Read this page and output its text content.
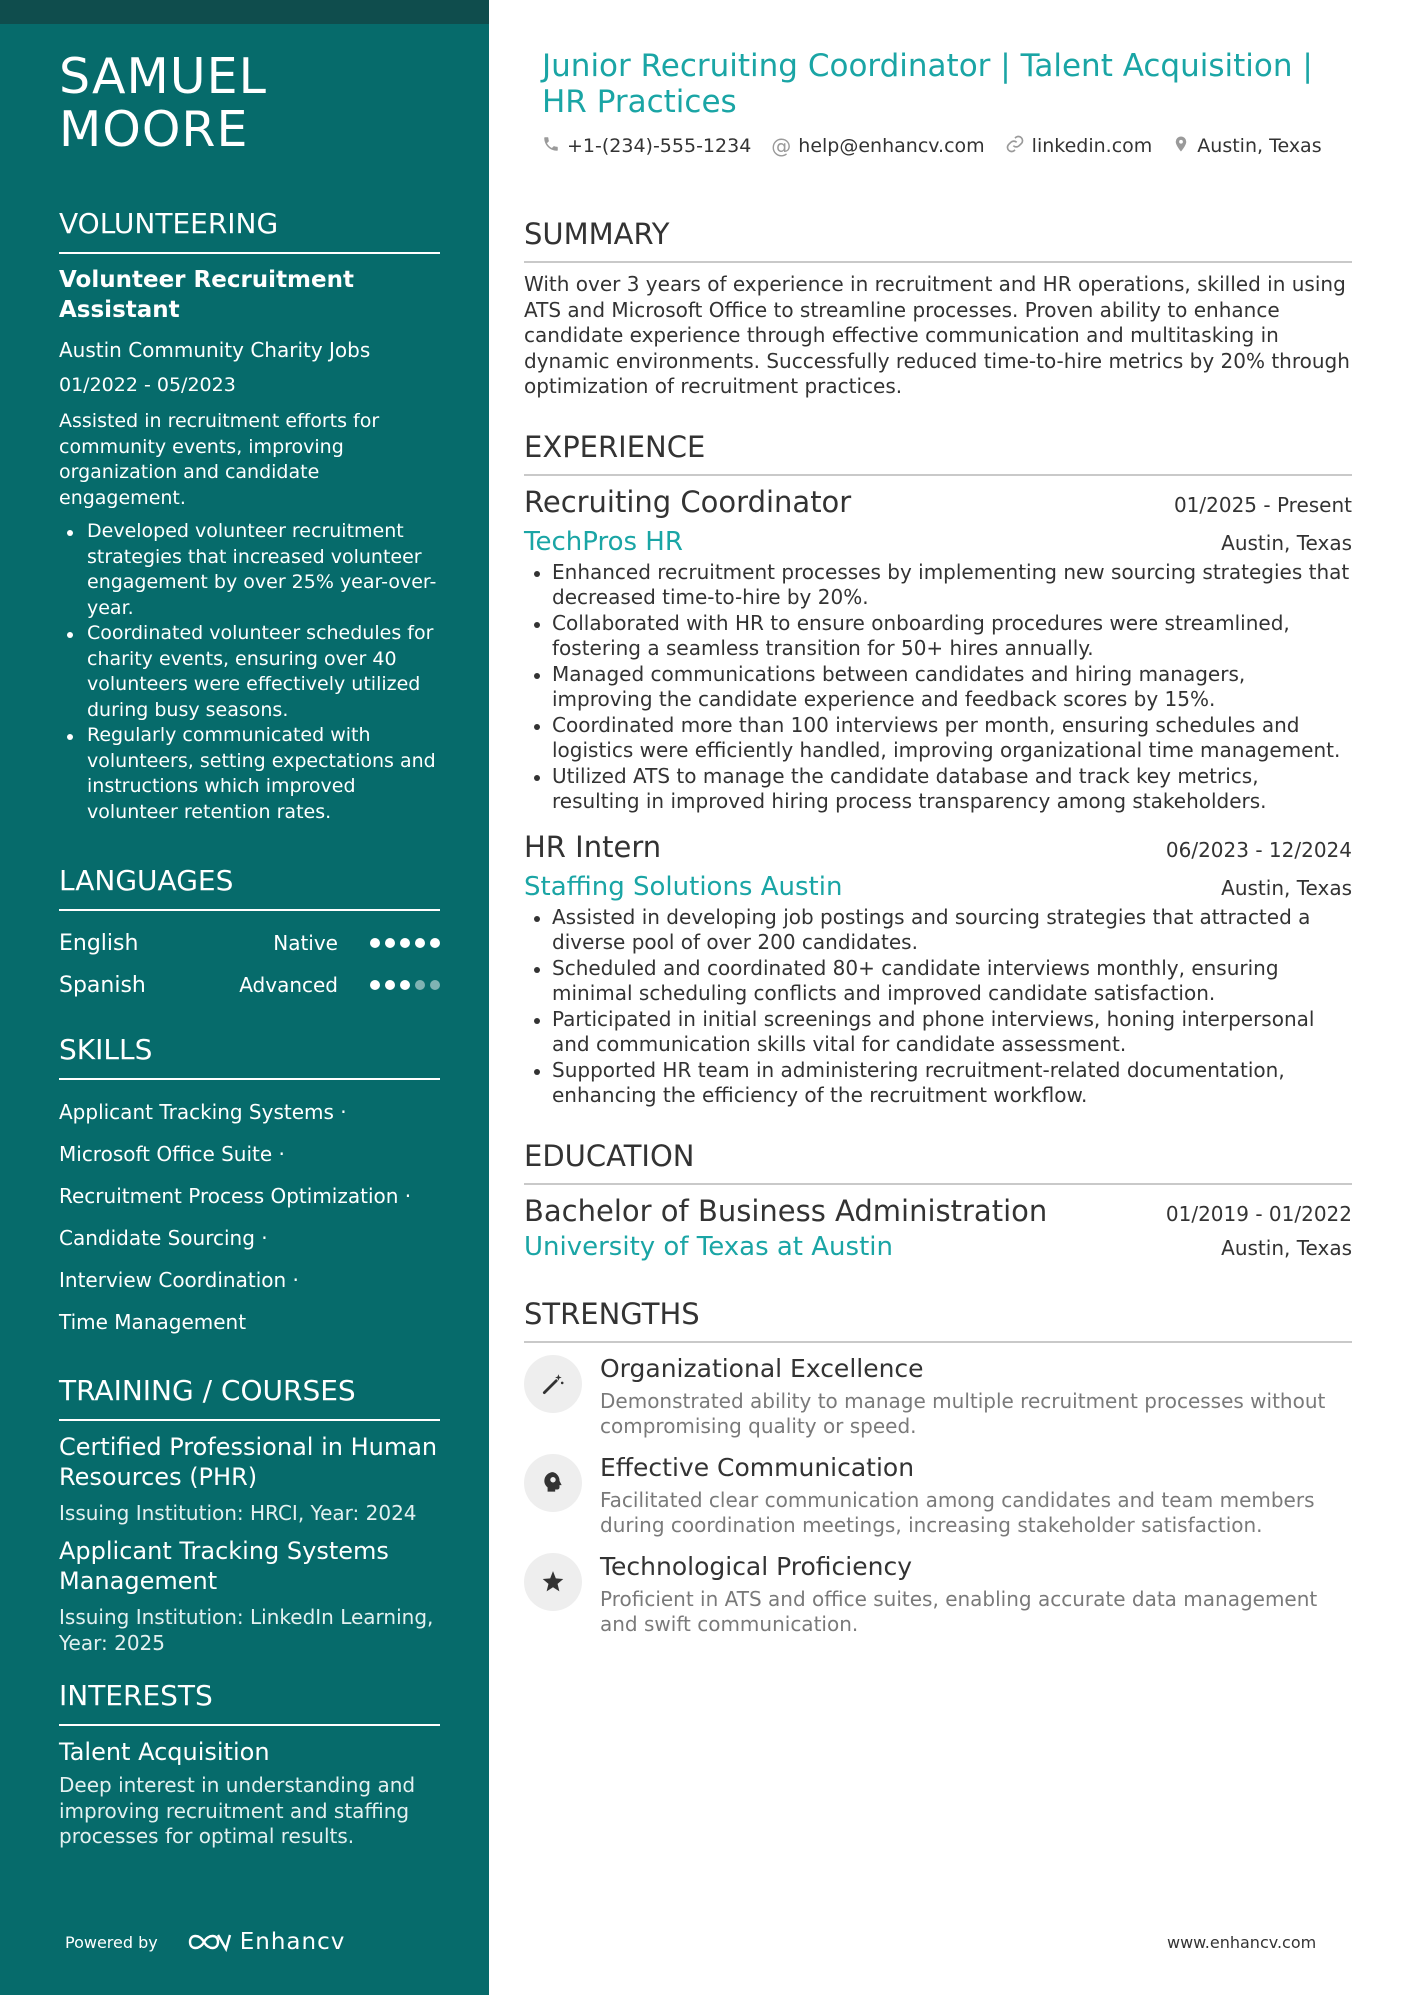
SAMUEL
MOORE
VOLUNTEERING
Volunteer Recruitment Assistant
Austin Community Charity Jobs
01/2022 - 05/2023
Assisted in recruitment efforts for community events, improving organization and candidate engagement.
Developed volunteer recruitment strategies that increased volunteer engagement by over 25% year-over-year.
Coordinated volunteer schedules for charity events, ensuring over 40 volunteers were effectively utilized during busy seasons.
Regularly communicated with volunteers, setting expectations and instructions which improved volunteer retention rates.
LANGUAGES
English	Native
Spanish	Advanced
SKILLS
Applicant Tracking Systems ·
Microsoft Office Suite ·
Recruitment Process Optimization ·
Candidate Sourcing ·
Interview Coordination ·
Time Management
TRAINING / COURSES
Certified Professional in Human Resources (PHR)
Issuing Institution: HRCI, Year: 2024
Applicant Tracking Systems Management
Issuing Institution: LinkedIn Learning, Year: 2025
INTERESTS
Talent Acquisition
Deep interest in understanding and improving recruitment and staffing processes for optimal results.
Powered by	Enhancv
Junior Recruiting Coordinator | Talent Acquisition | HR Practices
+1-(234)-555-1234 @ help@enhancv.com linkedin.com Austin, Texas
SUMMARY
With over 3 years of experience in recruitment and HR operations, skilled in using ATS and Microsoft Office to streamline processes. Proven ability to enhance candidate experience through effective communication and multitasking in dynamic environments. Successfully reduced time-to-hire metrics by 20% through optimization of recruitment practices.
EXPERIENCE
Recruiting Coordinator	01/2025 - Present
TechPros HR	Austin, Texas
Enhanced recruitment processes by implementing new sourcing strategies that decreased time-to-hire by 20%.
Collaborated with HR to ensure onboarding procedures were streamlined, fostering a seamless transition for 50+ hires annually.
Managed communications between candidates and hiring managers, improving the candidate experience and feedback scores by 15%.
Coordinated more than 100 interviews per month, ensuring schedules and logistics were efficiently handled, improving organizational time management.
Utilized ATS to manage the candidate database and track key metrics, resulting in improved hiring process transparency among stakeholders.
HR Intern	06/2023 - 12/2024
Staffing Solutions Austin	Austin, Texas
Assisted in developing job postings and sourcing strategies that attracted a diverse pool of over 200 candidates.
Scheduled and coordinated 80+ candidate interviews monthly, ensuring minimal scheduling conflicts and improved candidate satisfaction.
Participated in initial screenings and phone interviews, honing interpersonal and communication skills vital for candidate assessment.
Supported HR team in administering recruitment-related documentation, enhancing the efficiency of the recruitment workflow.
EDUCATION
Bachelor of Business Administration	01/2019 - 01/2022
University of Texas at Austin	Austin, Texas
STRENGTHS
Organizational Excellence
Demonstrated ability to manage multiple recruitment processes without compromising quality or speed.
Effective Communication
Facilitated clear communication among candidates and team members during coordination meetings, increasing stakeholder satisfaction.
Technological Proficiency
Proficient in ATS and office suites, enabling accurate data management and swift communication.
www.enhancv.com
